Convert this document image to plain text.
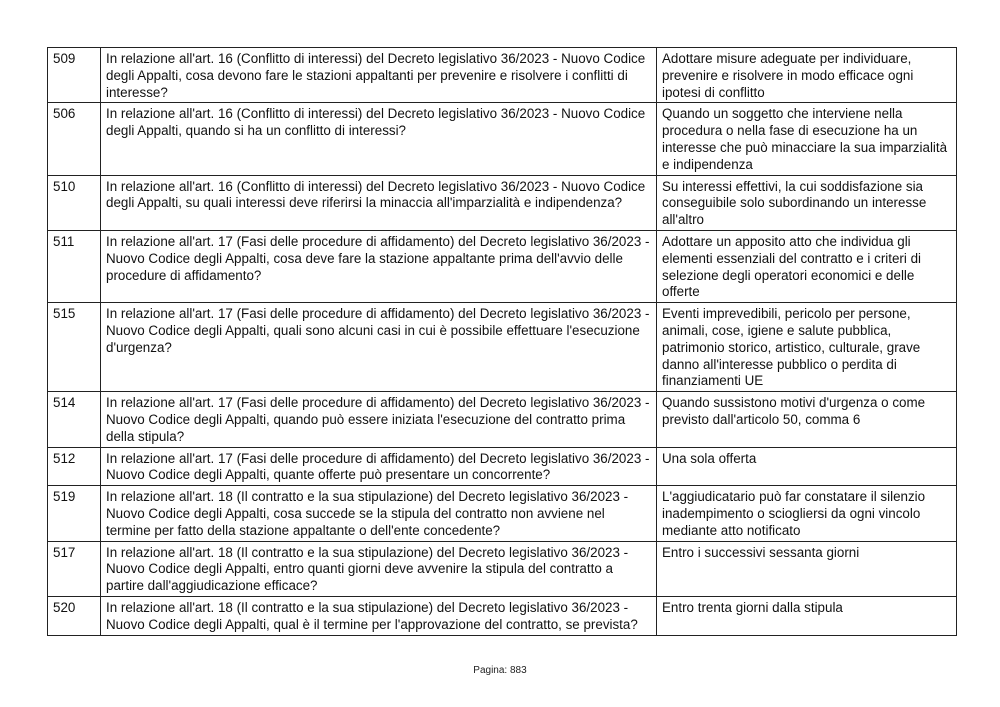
509	In relazione all'art. 16 (Conflitto di interessi) del Decreto legislativo 36/2023 - Nuovo Codice degli Appalti, cosa devono fare le stazioni appaltanti per prevenire e risolvere i conflitti di interesse?	Adottare misure adeguate per individuare, prevenire e risolvere in modo efficace ogni ipotesi di conflitto
506	In relazione all'art. 16 (Conflitto di interessi) del Decreto legislativo 36/2023 - Nuovo Codice degli Appalti, quando si ha un conflitto di interessi?	Quando un soggetto che interviene nella procedura o nella fase di esecuzione ha un interesse che può minacciare la sua imparzialità e indipendenza
510	In relazione all'art. 16 (Conflitto di interessi) del Decreto legislativo 36/2023 - Nuovo Codice degli Appalti, su quali interessi deve riferirsi la minaccia all'imparzialità e indipendenza?	Su interessi effettivi, la cui soddisfazione sia conseguibile solo subordinando un interesse all'altro
511	In relazione all'art. 17 (Fasi delle procedure di affidamento) del Decreto legislativo 36/2023 - Nuovo Codice degli Appalti, cosa deve fare la stazione appaltante prima dell'avvio delle procedure di affidamento?	Adottare un apposito atto che individua gli elementi essenziali del contratto e i criteri di selezione degli operatori economici e delle offerte
515	In relazione all'art. 17 (Fasi delle procedure di affidamento) del Decreto legislativo 36/2023 - Nuovo Codice degli Appalti, quali sono alcuni casi in cui è possibile effettuare l'esecuzione d'urgenza?	Eventi imprevedibili, pericolo per persone, animali, cose, igiene e salute pubblica, patrimonio storico, artistico, culturale, grave danno all'interesse pubblico o perdita di finanziamenti UE
514	In relazione all'art. 17 (Fasi delle procedure di affidamento) del Decreto legislativo 36/2023 - Nuovo Codice degli Appalti, quando può essere iniziata l'esecuzione del contratto prima della stipula?	Quando sussistono motivi d'urgenza o come previsto dall'articolo 50, comma 6
512	In relazione all'art. 17 (Fasi delle procedure di affidamento) del Decreto legislativo 36/2023 - Nuovo Codice degli Appalti, quante offerte può presentare un concorrente?	Una sola offerta
519	In relazione all'art. 18 (Il contratto e la sua stipulazione) del Decreto legislativo 36/2023 - Nuovo Codice degli Appalti, cosa succede se la stipula del contratto non avviene nel termine per fatto della stazione appaltante o dell'ente concedente?	L'aggiudicatario può far constatare il silenzio inadempimento o sciogliersi da ogni vincolo mediante atto notificato
517	In relazione all'art. 18 (Il contratto e la sua stipulazione) del Decreto legislativo 36/2023 - Nuovo Codice degli Appalti, entro quanti giorni deve avvenire la stipula del contratto a partire dall'aggiudicazione efficace?	Entro i successivi sessanta giorni
520	In relazione all'art. 18 (Il contratto e la sua stipulazione) del Decreto legislativo 36/2023 - Nuovo Codice degli Appalti, qual è il termine per l'approvazione del contratto, se prevista?	Entro trenta giorni dalla stipula
Pagina: 883
